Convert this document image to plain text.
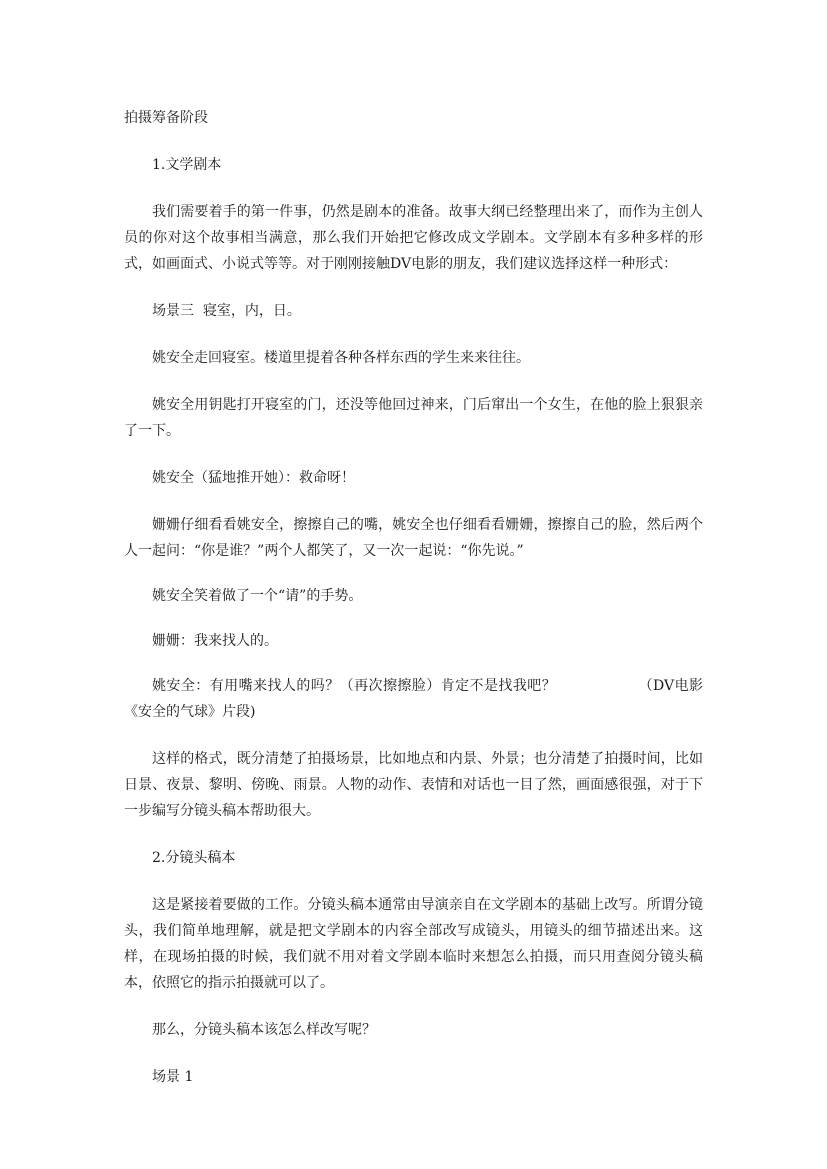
拍摄筹备阶段

1.文学剧本

我们需要着手的第一件事，仍然是剧本的准备。故事大纲已经整理出来了，而作为主创人员的你对这个故事相当满意，那么我们开始把它修改成文学剧本。文学剧本有多种多样的形式，如画面式、小说式等等。对于刚刚接触DV电影的朋友，我们建议选择这样一种形式：

场景三  寝室，内，日。

姚安全走回寝室。楼道里提着各种各样东西的学生来来往往。

姚安全用钥匙打开寝室的门，还没等他回过神来，门后窜出一个女生，在他的脸上狠狠亲了一下。

姚安全（猛地推开她）：救命呀！

姗姗仔细看看姚安全，擦擦自己的嘴，姚安全也仔细看看姗姗，擦擦自己的脸，然后两个人一起问：“你是谁？”两个人都笑了，又一次一起说：“你先说。”

姚安全笑着做了一个“请”的手势。

姗姗：我来找人的。

姚安全：有用嘴来找人的吗？（再次擦擦脸）肯定不是找我吧？	（DV电影《安全的气球》片段)

这样的格式，既分清楚了拍摄场景，比如地点和内景、外景；也分清楚了拍摄时间，比如日景、夜景、黎明、傍晚、雨景。人物的动作、表情和对话也一目了然，画面感很强，对于下一步编写分镜头稿本帮助很大。

2.分镜头稿本

这是紧接着要做的工作。分镜头稿本通常由导演亲自在文学剧本的基础上改写。所谓分镜头，我们简单地理解，就是把文学剧本的内容全部改写成镜头，用镜头的细节描述出来。这样，在现场拍摄的时候，我们就不用对着文学剧本临时来想怎么拍摄，而只用查阅分镜头稿本，依照它的指示拍摄就可以了。

那么，分镜头稿本该怎么样改写呢？

场景 1
